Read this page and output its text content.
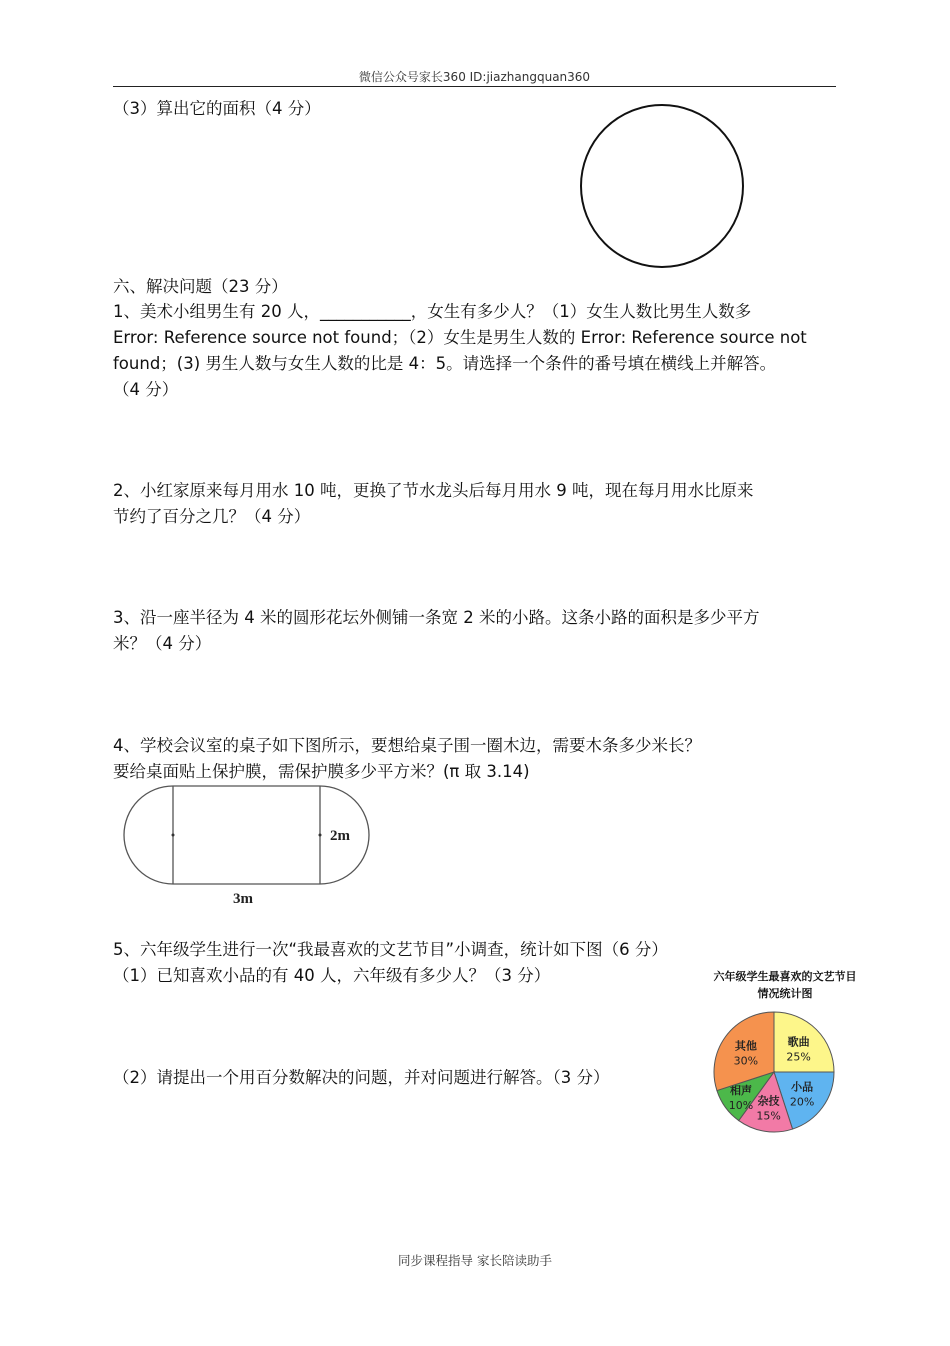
微信公众号家长360 ID:jiazhangquan360
（3）算出它的面积（4 分）
六、解决问题（23 分）
1、美术小组男生有 20 人，___________，女生有多少人？（1）女生人数比男生人数多
Error: Reference source not found；（2）女生是男生人数的 Error: Reference source not
found；(3) 男生人数与女生人数的比是 4：5。请选择一个条件的番号填在横线上并解答。
（4 分）
2、小红家原来每月用水 10 吨，更换了节水龙头后每月用水 9 吨，现在每月用水比原来
节约了百分之几？（4 分）
3、沿一座半径为 4 米的圆形花坛外侧铺一条宽 2 米的小路。这条小路的面积是多少平方
米？（4 分）
4、学校会议室的桌子如下图所示，要想给桌子围一圈木边，需要木条多少米长？
要给桌面贴上保护膜，需保护膜多少平方米？(π 取 3.14)
2m
3m
5、六年级学生进行一次“我最喜欢的文艺节目”小调查，统计如下图（6 分）
（1）已知喜欢小品的有 40 人，六年级有多少人？（3 分）
（2）请提出一个用百分数解决的问题，并对问题进行解答。（3 分）
六年级学生最喜欢的文艺节目
情况统计图
歌曲
25%
小品
20%
杂技
15%
相声
10%
其他
30%
同步课程指导 家长陪读助手
